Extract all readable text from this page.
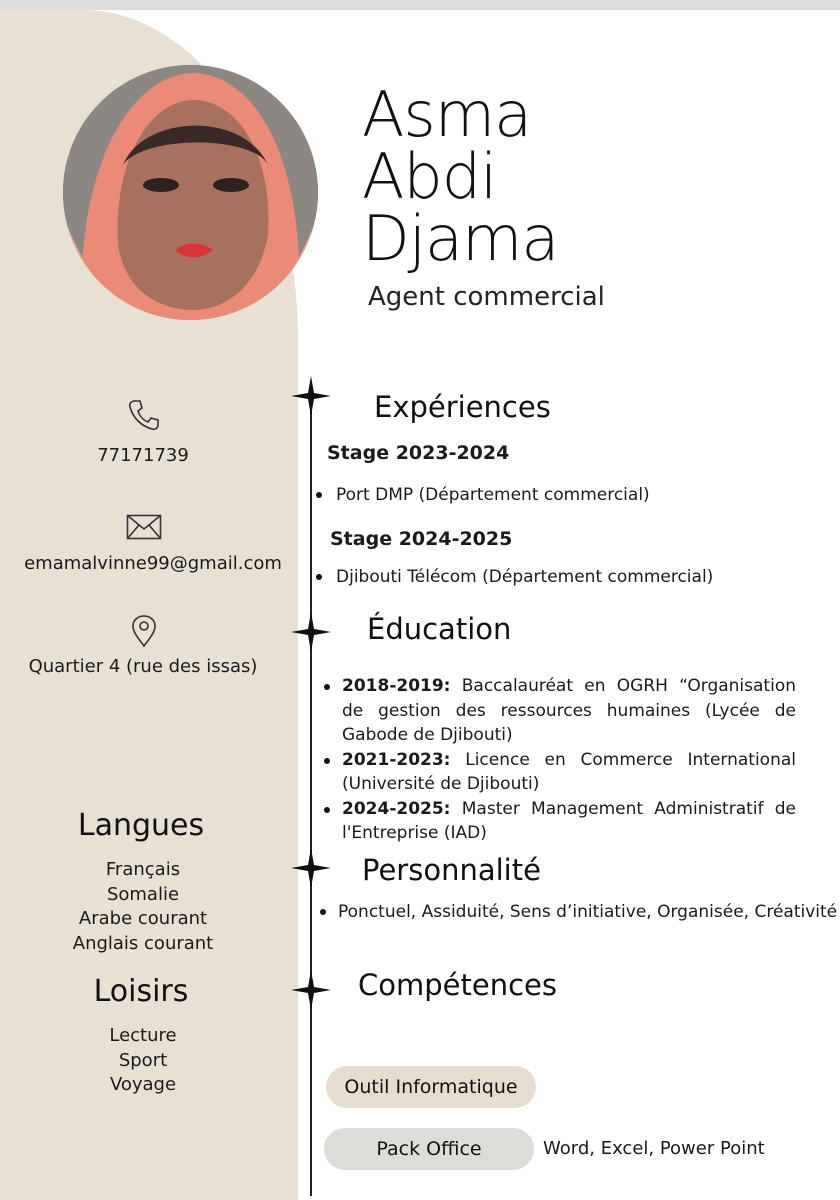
Asma
Abdi
Djama
Agent commercial
77171739
emamalvinne99@gmail.com
Quartier 4 (rue des issas)
Langues
Français
Somalie
Arabe courant
Anglais courant
Loisirs
Lecture
Sport
Voyage
Expériences
Stage 2023-2024
Port DMP (Département commercial)
Stage 2024-2025
Djibouti Télécom (Département commercial)
Éducation
2018-2019: Baccalauréat en OGRH “Organisation de gestion des ressources humaines (Lycée de Gabode de Djibouti)
2021-2023: Licence en Commerce International (Université de Djibouti)
2024-2025: Master Management Administratif de l'Entreprise (IAD)
Personnalité
Ponctuel, Assiduité, Sens d’initiative, Organisée, Créativité
Compétences
Outil Informatique
Pack Office	Word, Excel, Power Point
